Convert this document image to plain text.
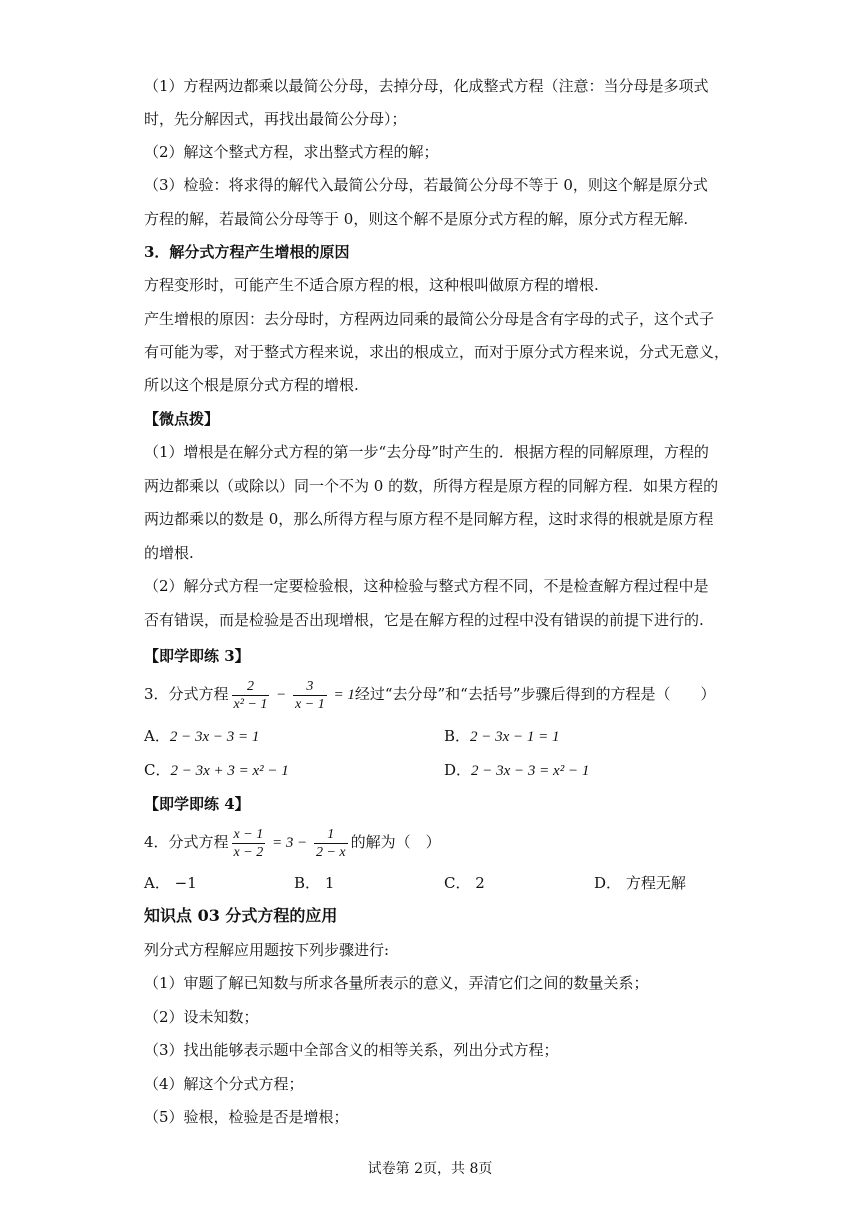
（1）方程两边都乘以最简公分母，去掉分母，化成整式方程（注意：当分母是多项式
时，先分解因式，再找出最简公分母）；
（2）解这个整式方程，求出整式方程的解；
（3）检验：将求得的解代入最简公分母，若最简公分母不等于 0，则这个解是原分式
方程的解，若最简公分母等于 0，则这个解不是原分式方程的解，原分式方程无解.
3．解分式方程产生增根的原因
方程变形时，可能产生不适合原方程的根，这种根叫做原方程的增根.
产生增根的原因：去分母时，方程两边同乘的最简公分母是含有字母的式子，这个式子
有可能为零，对于整式方程来说，求出的根成立，而对于原分式方程来说，分式无意义，
所以这个根是原分式方程的增根.
【微点拨】
（1）增根是在解分式方程的第一步“去分母”时产生的．根据方程的同解原理，方程的
两边都乘以（或除以）同一个不为 0 的数，所得方程是原方程的同解方程．如果方程的
两边都乘以的数是 0，那么所得方程与原方程不是同解方程，这时求得的根就是原方程
的增根.
（2）解分式方程一定要检验根，这种检验与整式方程不同，不是检查解方程过程中是
否有错误，而是检验是否出现增根，它是在解方程的过程中没有错误的前提下进行的.
【即学即练 3】
3．分式方程 $\frac{2}{\text{x² − 1}} - \frac{3}{x - 1} = 1$经过“去分母”和“去括号”步骤后得到的方程是（　　）
A．2 − 3x − 3 = 1	B．2 − 3x − 1 = 1
C．2 − 3x + 3 = x² − 1	D．2 − 3x − 3 = x² − 1
【即学即练 4】
4．分式方程 $\frac{x - 1}{x - 2} = 3 - \frac{1}{2 - x}$ 的解为（　）
A． −1	B． 1	C． 2	D． 方程无解
知识点 03 分式方程的应用
列分式方程解应用题按下列步骤进行:
（1）审题了解已知数与所求各量所表示的意义，弄清它们之间的数量关系；
（2）设未知数；
（3）找出能够表示题中全部含义的相等关系，列出分式方程；
（4）解这个分式方程；
（5）验根，检验是否是增根；
试卷第 2页，共 8页
